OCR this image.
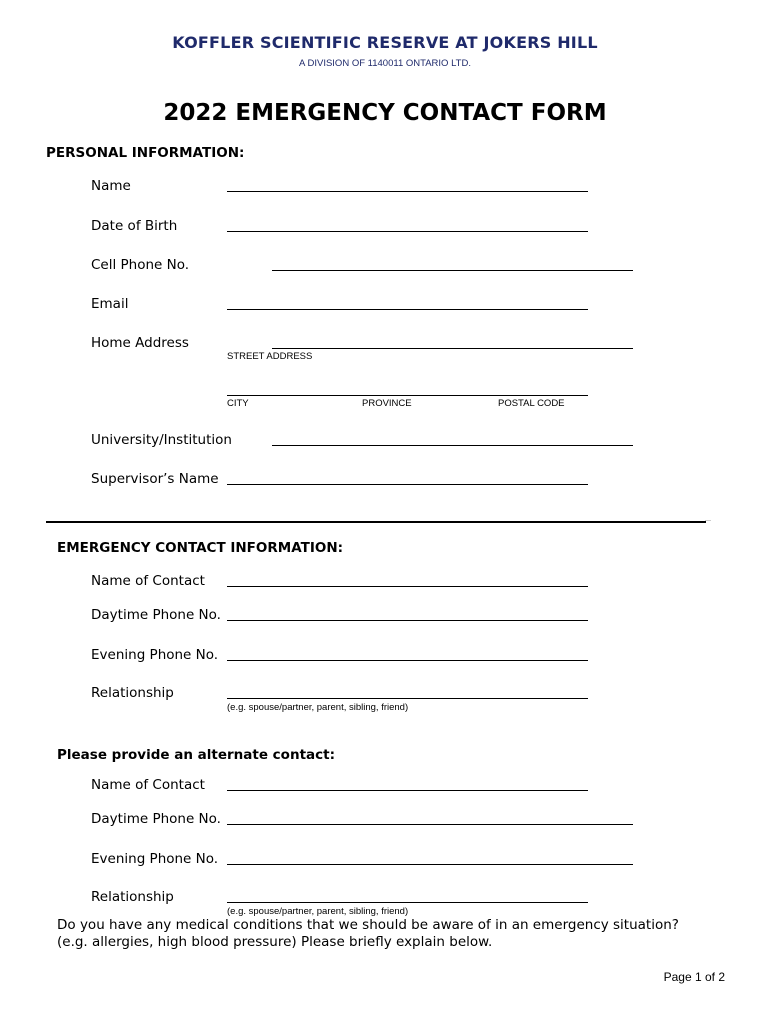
KOFFLER SCIENTIFIC RESERVE AT JOKERS HILL
A DIVISION OF 1140011 ONTARIO LTD.
2022 EMERGENCY CONTACT FORM
PERSONAL INFORMATION:
Name
Date of Birth
Cell Phone No.
Email
Home Address
STREET ADDRESS
CITY	PROVINCE	POSTAL CODE
University/Institution
Supervisor’s Name
EMERGENCY CONTACT INFORMATION:
Name of Contact
Daytime Phone No.
Evening Phone No.
Relationship
(e.g. spouse/partner, parent, sibling, friend)
Please provide an alternate contact:
Name of Contact
Daytime Phone No.
Evening Phone No.
Relationship
(e.g. spouse/partner, parent, sibling, friend)
Do you have any medical conditions that we should be aware of in an emergency situation?
(e.g. allergies, high blood pressure) Please briefly explain below.
Page 1 of 2
